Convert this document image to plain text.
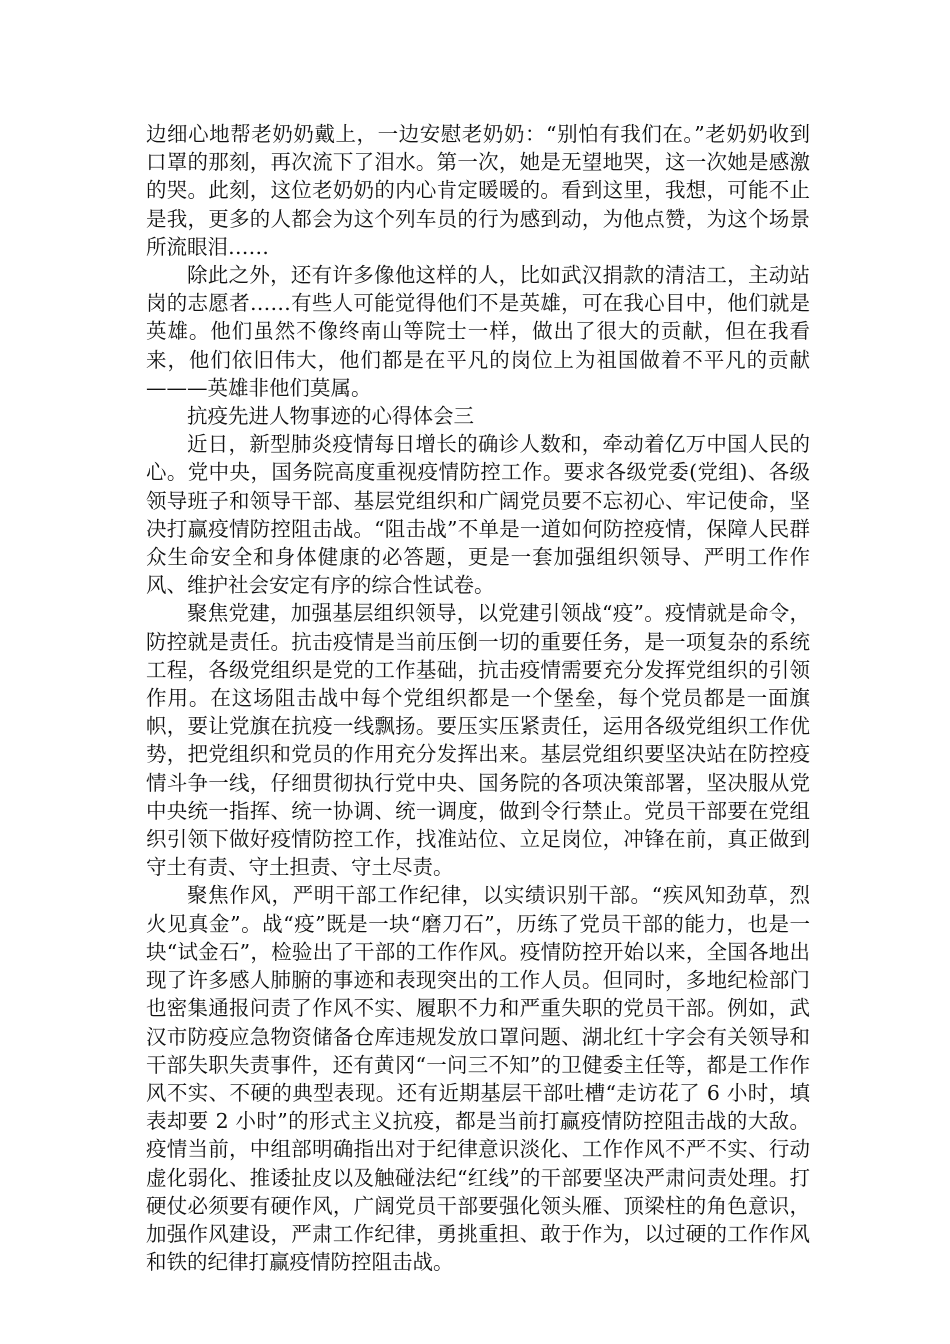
边细心地帮老奶奶戴上，一边安慰老奶奶：“别怕有我们在。”老奶奶收到口罩的那刻，再次流下了泪水。第一次，她是无望地哭，这一次她是感激的哭。此刻，这位老奶奶的内心肯定暖暖的。看到这里，我想，可能不止是我，更多的人都会为这个列车员的行为感到动，为他点赞，为这个场景所流眼泪……

除此之外，还有许多像他这样的人，比如武汉捐款的清洁工，主动站岗的志愿者……有些人可能觉得他们不是英雄，可在我心目中，他们就是英雄。他们虽然不像终南山等院士一样，做出了很大的贡献，但在我看来，他们依旧伟大，他们都是在平凡的岗位上为祖国做着不平凡的贡献———英雄非他们莫属。

抗疫先进人物事迹的心得体会三

近日，新型肺炎疫情每日增长的确诊人数和，牵动着亿万中国人民的心。党中央，国务院高度重视疫情防控工作。要求各级党委(党组)、各级领导班子和领导干部、基层党组织和广阔党员要不忘初心、牢记使命，坚决打赢疫情防控阻击战。“阻击战”不单是一道如何防控疫情，保障人民群众生命安全和身体健康的必答题，更是一套加强组织领导、严明工作作风、维护社会安定有序的综合性试卷。

聚焦党建，加强基层组织领导，以党建引领战“疫”。疫情就是命令，防控就是责任。抗击疫情是当前压倒一切的重要任务，是一项复杂的系统工程，各级党组织是党的工作基础，抗击疫情需要充分发挥党组织的引领作用。在这场阻击战中每个党组织都是一个堡垒，每个党员都是一面旗帜，要让党旗在抗疫一线飘扬。要压实压紧责任，运用各级党组织工作优势，把党组织和党员的作用充分发挥出来。基层党组织要坚决站在防控疫情斗争一线，仔细贯彻执行党中央、国务院的各项决策部署，坚决服从党中央统一指挥、统一协调、统一调度，做到令行禁止。党员干部要在党组织引领下做好疫情防控工作，找准站位、立足岗位，冲锋在前，真正做到守土有责、守土担责、守土尽责。

聚焦作风，严明干部工作纪律，以实绩识别干部。“疾风知劲草，烈火见真金”。战“疫”既是一块“磨刀石”，历练了党员干部的能力，也是一块“试金石”，检验出了干部的工作作风。疫情防控开始以来，全国各地出现了许多感人肺腑的事迹和表现突出的工作人员。但同时，多地纪检部门也密集通报问责了作风不实、履职不力和严重失职的党员干部。例如，武汉市防疫应急物资储备仓库违规发放口罩问题、湖北红十字会有关领导和干部失职失责事件，还有黄冈“一问三不知”的卫健委主任等，都是工作作风不实、不硬的典型表现。还有近期基层干部吐槽“走访花了 6 小时，填表却要 2 小时”的形式主义抗疫，都是当前打赢疫情防控阻击战的大敌。疫情当前，中组部明确指出对于纪律意识淡化、工作作风不严不实、行动虚化弱化、推诿扯皮以及触碰法纪“红线”的干部要坚决严肃问责处理。打硬仗必须要有硬作风，广阔党员干部要强化领头雁、顶梁柱的角色意识，加强作风建设，严肃工作纪律，勇挑重担、敢于作为，以过硬的工作作风和铁的纪律打赢疫情防控阻击战。
